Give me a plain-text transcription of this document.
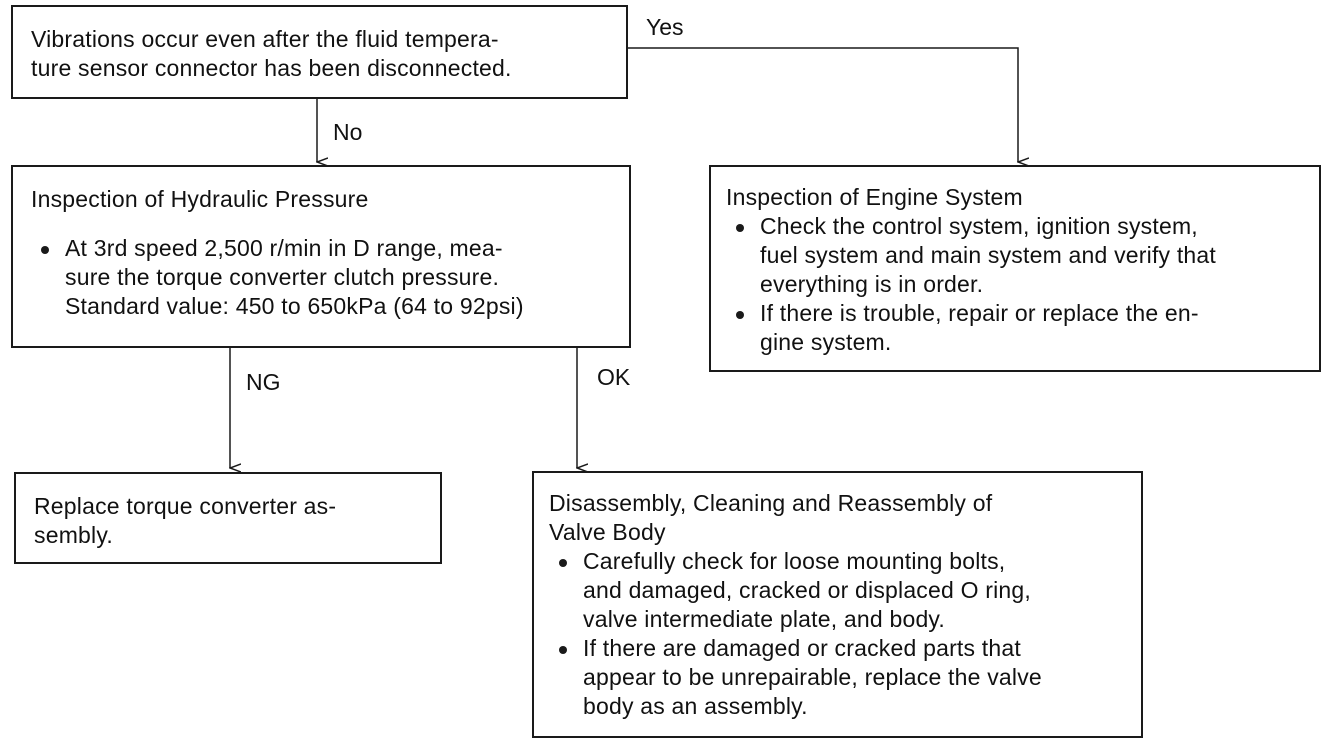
Vibrations occur even after the fluid tempera-
ture sensor connector has been disconnected.
Yes
No
NG	OK
Inspection of Hydraulic Pressure
At 3rd speed 2,500 r/min in D range, mea-
sure the torque converter clutch pressure.
Standard value: 450 to 650kPa (64 to 92psi)
Inspection of Engine System
Check the control system, ignition system,
fuel system and main system and verify that
everything is in order.
If there is trouble, repair or replace the en-
gine system.
Replace torque converter as-
sembly.
Disassembly, Cleaning and Reassembly of
Valve Body
Carefully check for loose mounting bolts,
and damaged, cracked or displaced O ring,
valve intermediate plate, and body.
If there are damaged or cracked parts that
appear to be unrepairable, replace the valve
body as an assembly.
